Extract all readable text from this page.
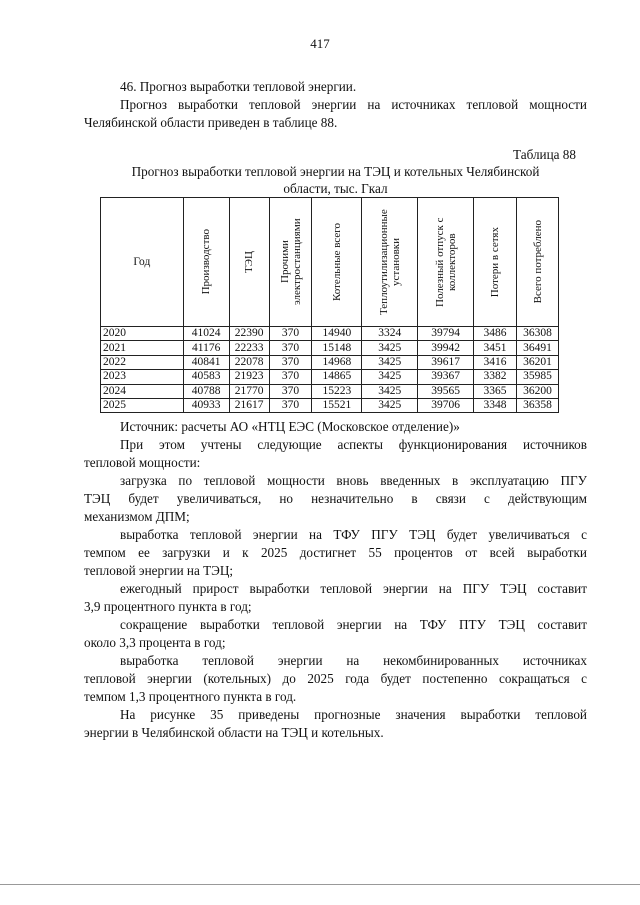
417
46. Прогноз выработки тепловой энергии.
Прогноз выработки тепловой энергии на источниках тепловой мощности
Челябинской области приведен в таблице 88.
Таблица 88
Прогноз выработки тепловой энергии на ТЭЦ и котельных Челябинской
области, тыс. Гкал
Год	Производство	ТЭЦ	Прочими электростанциями	Котельные всего	Теплоутилизационные установки	Полезный отпуск с коллекторов	Потери в сетях	Всего потреблено

2020	41024	22390	370	14940	3324	39794	3486	36308
2021	41176	22233	370	15148	3425	39942	3451	36491
2022	40841	22078	370	14968	3425	39617	3416	36201
2023	40583	21923	370	14865	3425	39367	3382	35985
2024	40788	21770	370	15223	3425	39565	3365	36200
2025	40933	21617	370	15521	3425	39706	3348	36358
Источник: расчеты АО «НТЦ ЕЭС (Московское отделение)»
При этом учтены следующие аспекты функционирования источников
тепловой мощности:
загрузка по тепловой мощности вновь введенных в эксплуатацию ПГУ
ТЭЦ будет увеличиваться, но незначительно в связи с действующим
механизмом ДПМ;
выработка тепловой энергии на ТФУ ПГУ ТЭЦ будет увеличиваться с
темпом ее загрузки и к 2025 достигнет 55 процентов от всей выработки
тепловой энергии на ТЭЦ;
ежегодный прирост выработки тепловой энергии на ПГУ ТЭЦ составит
3,9 процентного пункта в год;
сокращение выработки тепловой энергии на ТФУ ПТУ ТЭЦ составит
около 3,3 процента в год;
выработка тепловой энергии на некомбинированных источниках
тепловой энергии (котельных) до 2025 года будет постепенно сокращаться с
темпом 1,3 процентного пункта в год.
На рисунке 35 приведены прогнозные значения выработки тепловой
энергии в Челябинской области на ТЭЦ и котельных.
